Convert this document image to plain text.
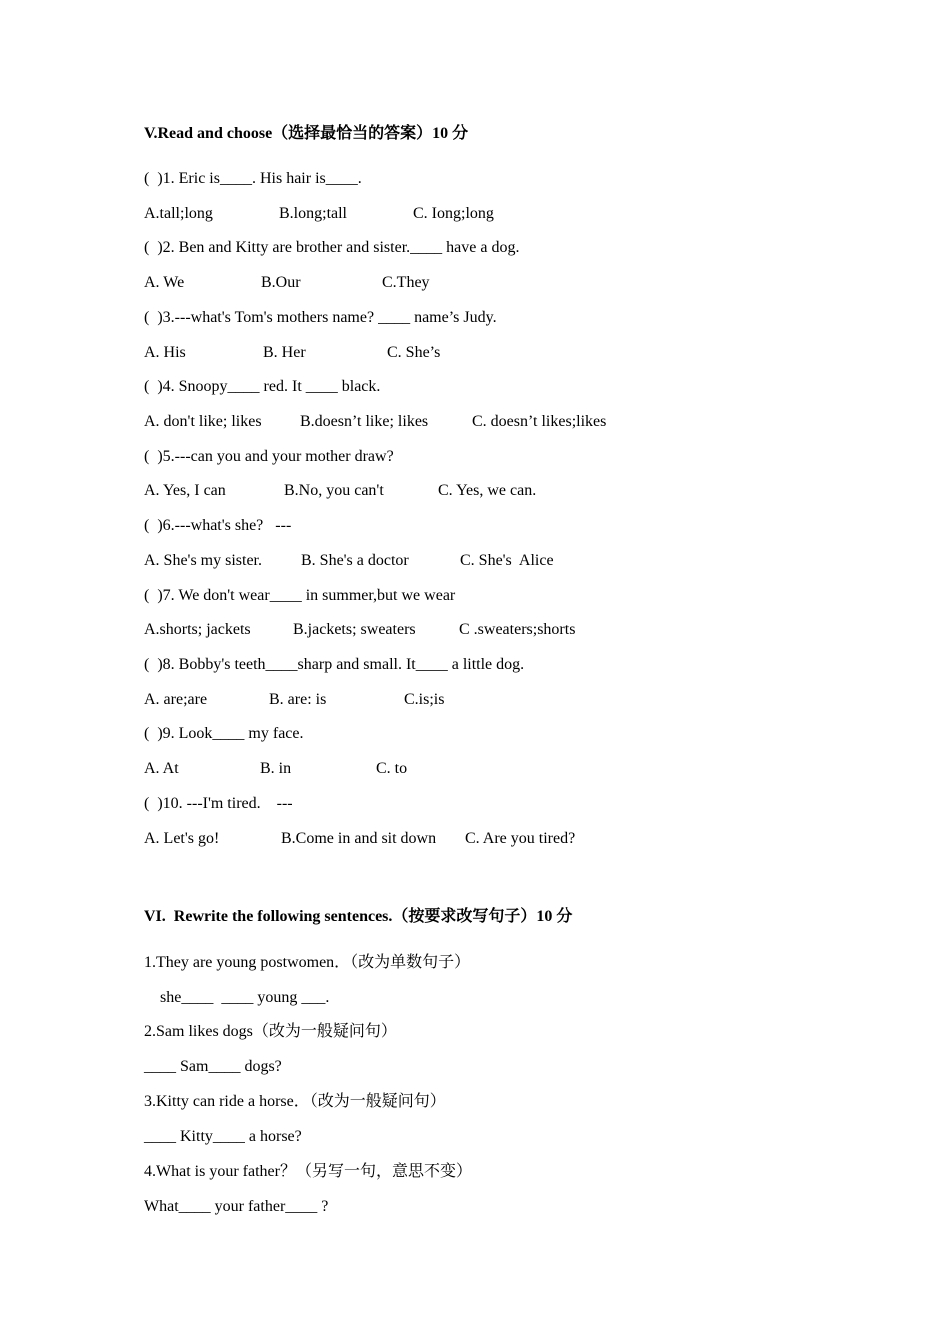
V.Read and choose（选择最恰当的答案）10 分
(  )1. Eric is____. His hair is____.
A.tall;long	B.long;tall	C. Iong;long
(  )2. Ben and Kitty are brother and sister.____ have a dog.
A. We	B.Our	C.They
(  )3.---what's Tom's mothers name? ____ name’s Judy.
A. His	B. Her	C. She’s
(  )4. Snoopy____ red. It ____ black.
A. don't like; likes B.doesn’t like; likes	C. doesn’t likes;likes
(  )5.---can you and your mother draw?
A. Yes, I can	B.No, you can't	C. Yes, we can.
(  )6.---what's she?   ---
A. She's my sister. B. She's a doctor	C. She's  Alice
(  )7. We don't wear____ in summer,but we wear
A.shorts; jackets	B.jackets; sweaters	C .sweaters;shorts
(  )8. Bobby's teeth____sharp and small. It____ a little dog.
A. are;are	B. are: is	C.is;is
(  )9. Look____ my face.
A. At	B. in	C. to
(  )10. ---I'm tired.    ---
A. Let's go!	B.Come in and sit down C. Are you tired?
VI.  Rewrite the following sentences.（按要求改写句子）10 分
1.They are young postwomen．（改为单数句子）
she____  ____ young ___.
2.Sam likes dogs（改为一般疑问句）
____ Sam____ dogs?
3.Kitty can ride a horse．（改为一般疑问句）
____ Kitty____ a horse?
4.What is your father？（另写一句，意思不变）
What____ your father____ ?
